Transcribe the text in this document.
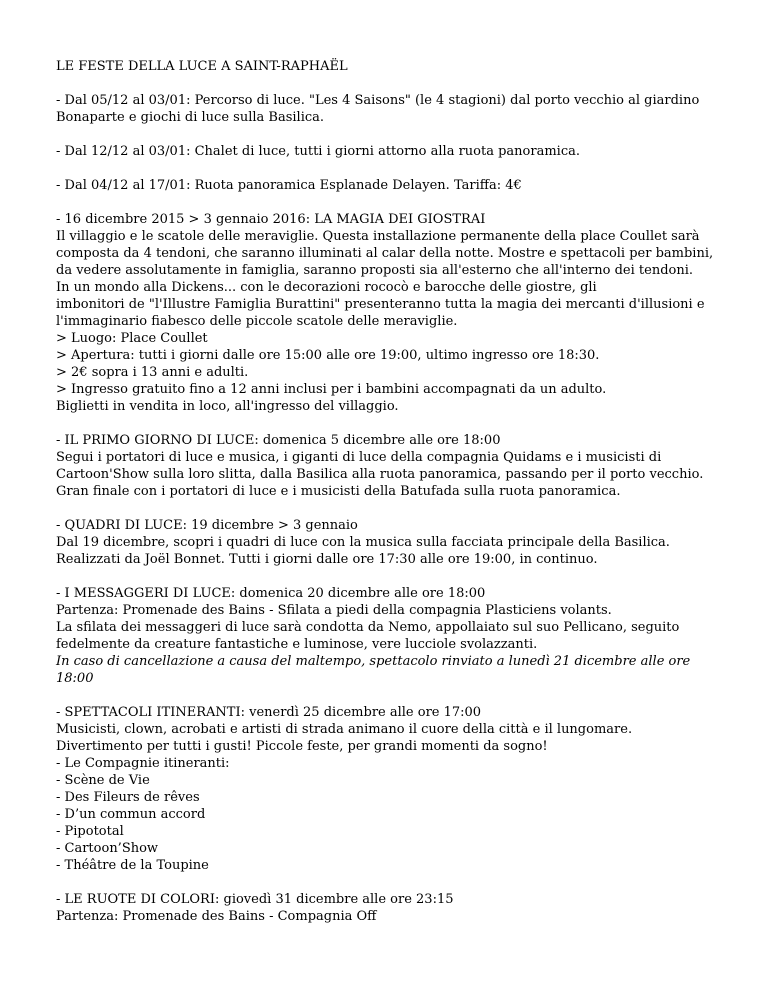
LE FESTE DELLA LUCE A SAINT-RAPHAËL
- Dal 05/12 al 03/01: Percorso di luce. "Les 4 Saisons" (le 4 stagioni) dal porto vecchio al giardino
Bonaparte e giochi di luce sulla Basilica.
- Dal 12/12 al 03/01: Chalet di luce, tutti i giorni attorno alla ruota panoramica.
- Dal 04/12 al 17/01: Ruota panoramica Esplanade Delayen. Tariffa: 4€
- 16 dicembre 2015 > 3 gennaio 2016: LA MAGIA DEI GIOSTRAI
Il villaggio e le scatole delle meraviglie. Questa installazione permanente della place Coullet sarà
composta da 4 tendoni, che saranno illuminati al calar della notte. Mostre e spettacoli per bambini,
da vedere assolutamente in famiglia, saranno proposti sia all'esterno che all'interno dei tendoni.
In un mondo alla Dickens... con le decorazioni rococò e barocche delle giostre, gli
imbonitori de "l'Illustre Famiglia Burattini" presenteranno tutta la magia dei mercanti d'illusioni e
l'immaginario fiabesco delle piccole scatole delle meraviglie.
> Luogo: Place Coullet
> Apertura: tutti i giorni dalle ore 15:00 alle ore 19:00, ultimo ingresso ore 18:30.
> 2€ sopra i 13 anni e adulti.
> Ingresso gratuito fino a 12 anni inclusi per i bambini accompagnati da un adulto.
Biglietti in vendita in loco, all'ingresso del villaggio.
- IL PRIMO GIORNO DI LUCE: domenica 5 dicembre alle ore 18:00
Segui i portatori di luce e musica, i giganti di luce della compagnia Quidams e i musicisti di
Cartoon'Show sulla loro slitta, dalla Basilica alla ruota panoramica, passando per il porto vecchio.
Gran finale con i portatori di luce e i musicisti della Batufada sulla ruota panoramica.
- QUADRI DI LUCE: 19 dicembre > 3 gennaio
Dal 19 dicembre, scopri i quadri di luce con la musica sulla facciata principale della Basilica.
Realizzati da Joël Bonnet. Tutti i giorni dalle ore 17:30 alle ore 19:00, in continuo.
- I MESSAGGERI DI LUCE: domenica 20 dicembre alle ore 18:00
Partenza: Promenade des Bains - Sfilata a piedi della compagnia Plasticiens volants.
La sfilata dei messaggeri di luce sarà condotta da Nemo, appollaiato sul suo Pellicano, seguito
fedelmente da creature fantastiche e luminose, vere lucciole svolazzanti.
In caso di cancellazione a causa del maltempo, spettacolo rinviato a lunedì 21 dicembre alle ore
18:00
- SPETTACOLI ITINERANTI: venerdì 25 dicembre alle ore 17:00
Musicisti, clown, acrobati e artisti di strada animano il cuore della città e il lungomare.
Divertimento per tutti i gusti! Piccole feste, per grandi momenti da sogno!
- Le Compagnie itineranti:
- Scène de Vie
- Des Fileurs de rêves
- D’un commun accord
- Pipototal
- Cartoon’Show
- Théâtre de la Toupine
- LE RUOTE DI COLORI: giovedì 31 dicembre alle ore 23:15
Partenza: Promenade des Bains - Compagnia Off
